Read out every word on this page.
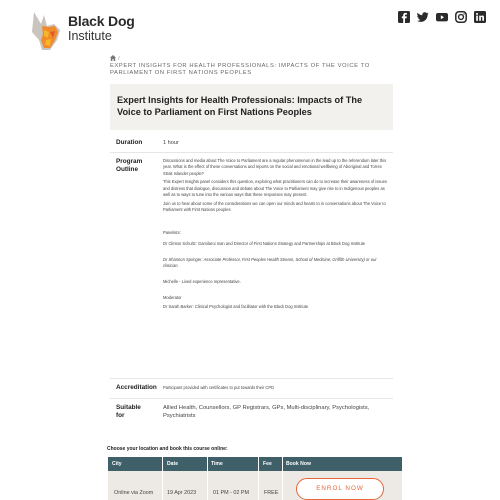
Black Dog
Institute
/
EXPERT INSIGHTS FOR HEALTH PROFESSIONALS: IMPACTS OF THE VOICE TO PARLIAMENT ON FIRST NATIONS PEOPLES
Expert Insights for Health Professionals: Impacts of The Voice to Parliament on First Nations Peoples
Duration	1 hour
Program
Outline

Discussions and media about The Voice to Parliament are a regular phenomenon in the lead up to the referendum later this year. What is the effect of these conversations and reports on the social and emotional wellbeing of Aboriginal and Torres Strait Islander people?

This Expert Insights panel considers this question, exploring what practitioners can do to increase their awareness of issues and distress that dialogue, discussion and debate about The Voice to Parliament may give rise to in Indigenous peoples as well as to ways to tune into the various ways that these responses may present.

Join us to hear about some of the considerations we can open our minds and hearts to in conversations about The Voice to Parliament with First Nations peoples

Panelists:

Dr Clinton Schultz: Gamilaroi man and Director of First Nations Strategy and Partnerships at Black Dog Institute

Dr Shannon Springer: Associate Professor, First Peoples Health Stream, School of Medicine, Griffith University) or our clinician.

Michelle - Lived experience representative.

Moderator

Dr Sarah Barker: Clinical Psychologist and facilitator with the Black Dog Institute

Accreditation Participant provided with certificates to put towards their CPD
Suitable
for
Allied Health, Counsellors, GP Registrars, GPs, Multi-disciplinary, Psychologists, Psychiatrists
Choose your location and book this course online:
City	Date	Time	Fee	Book Now
Online via Zoom	19 Apr 2023	01 PM - 02 PM	FREE
ENROL NOW
